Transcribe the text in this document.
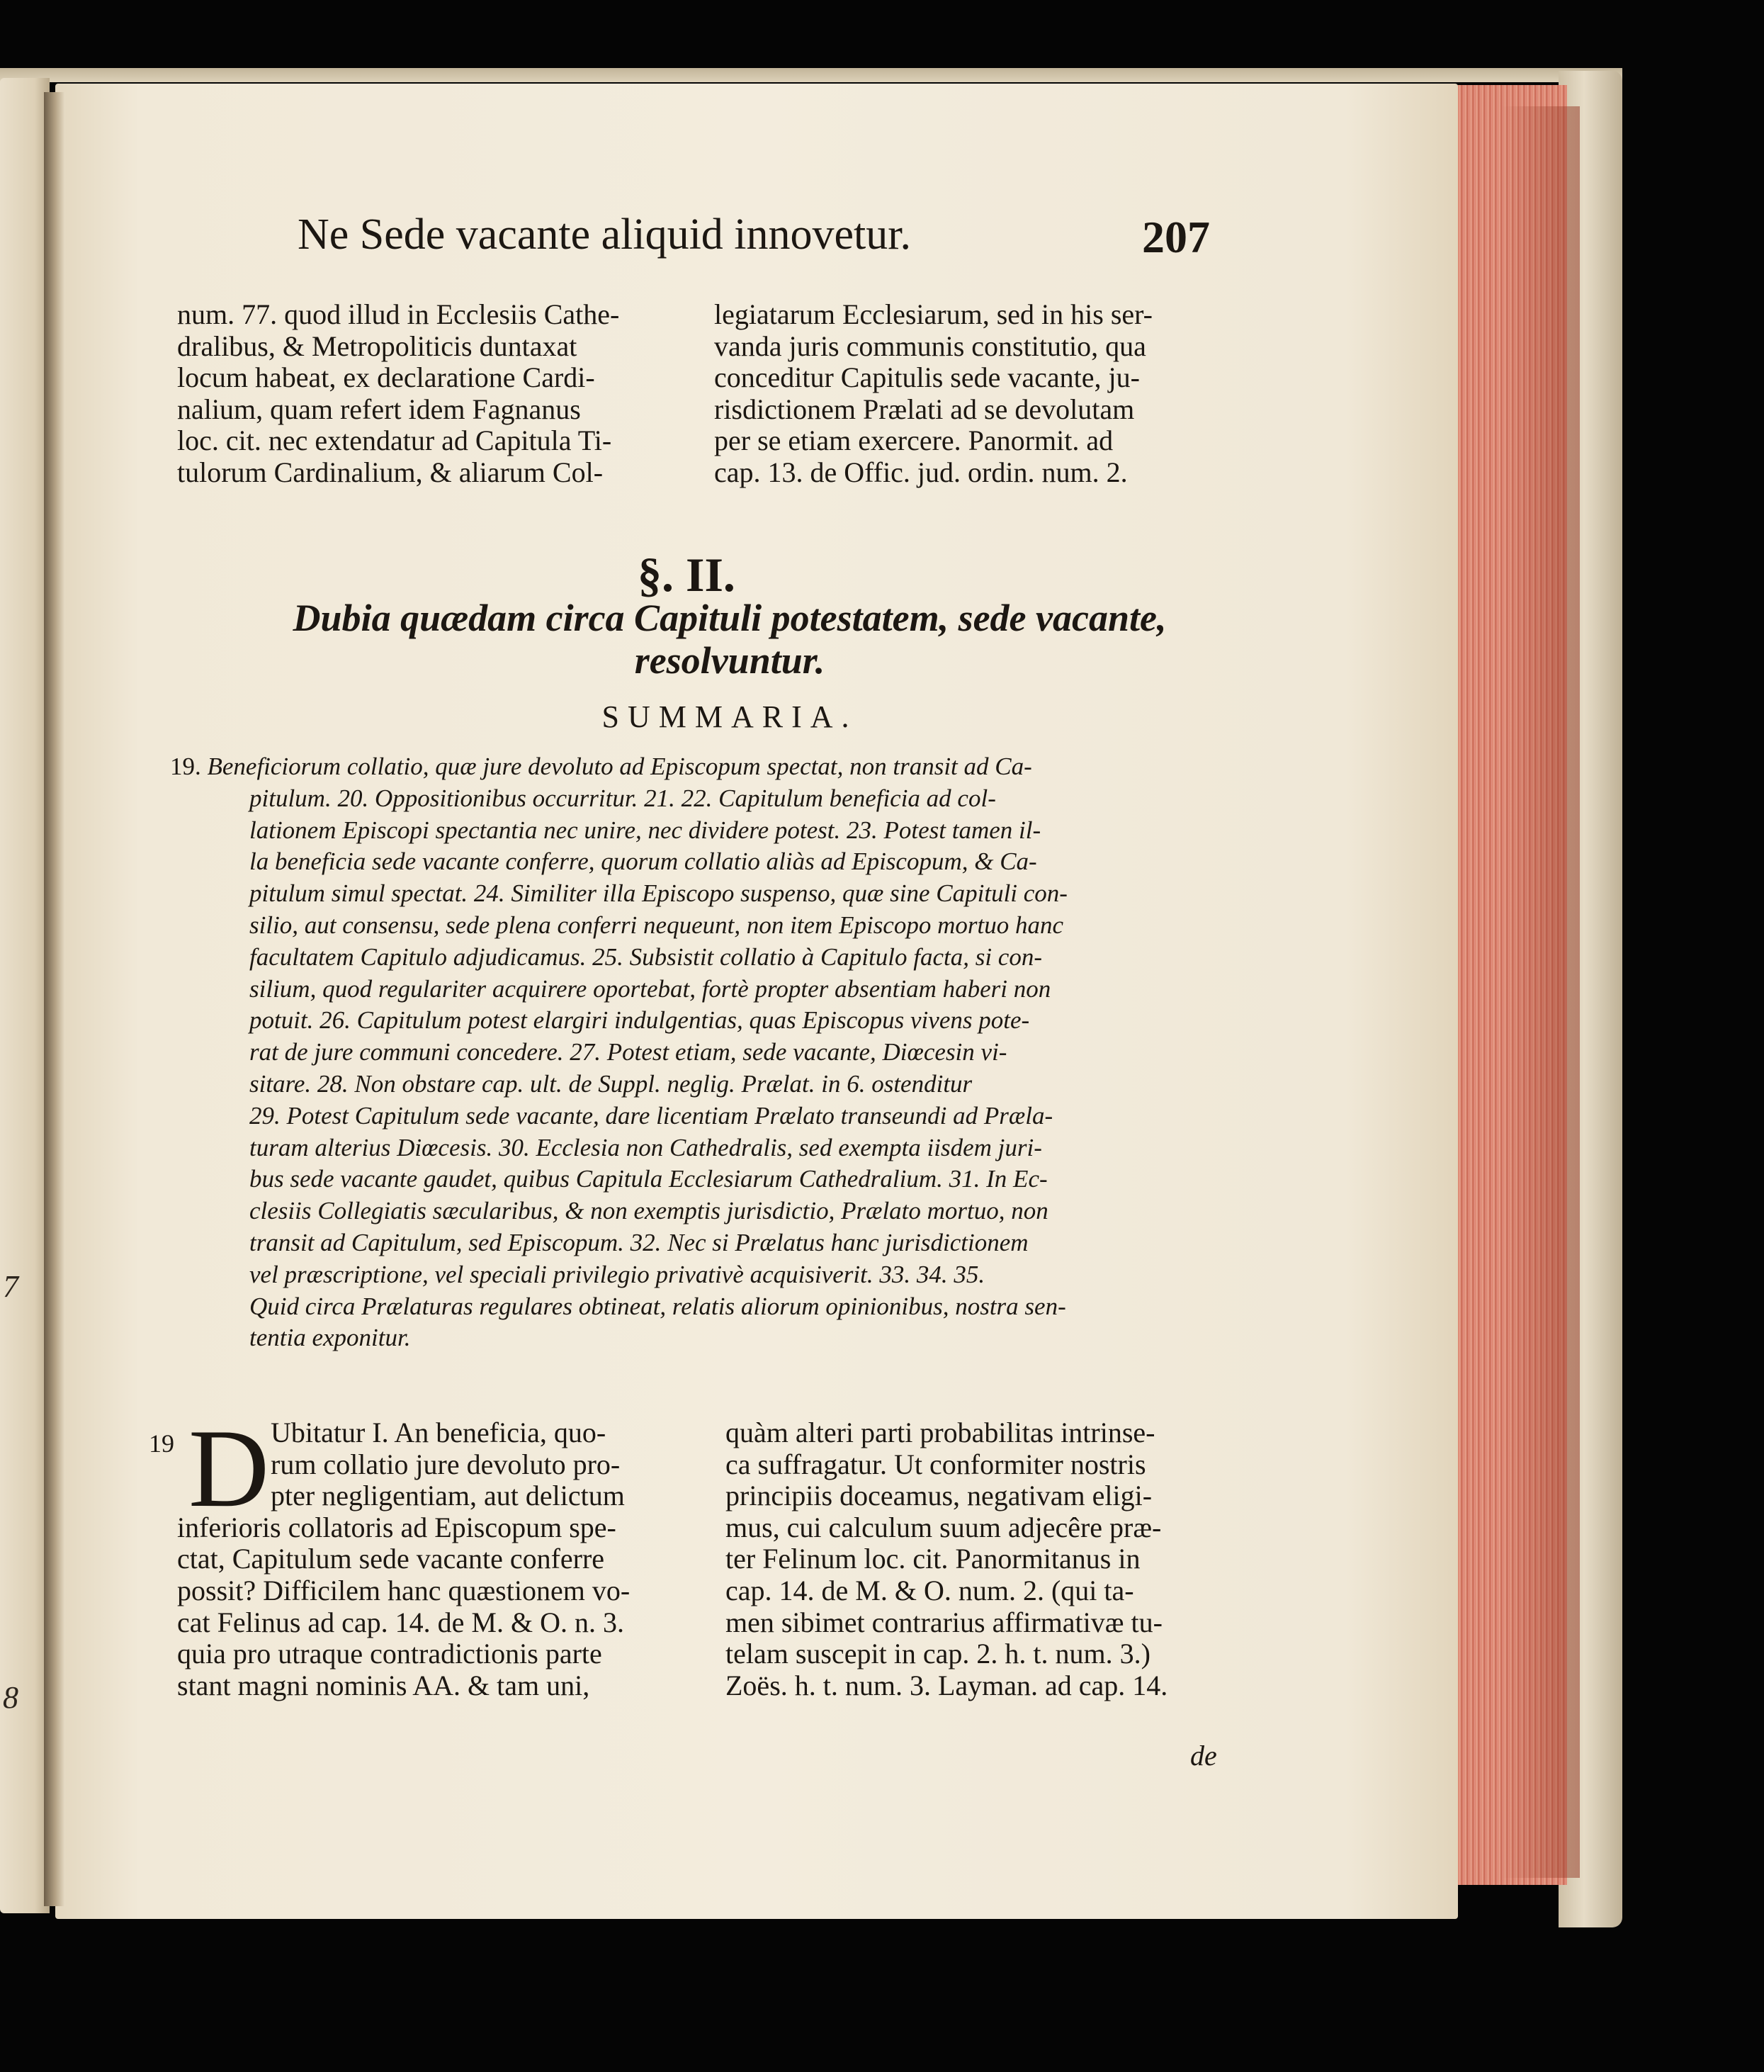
7
8
Ne Sede vacante aliquid innovetur.	207
num. 77. quod illud in Ecclesiis Cathe-
dralibus, & Metropoliticis duntaxat
locum habeat, ex declaratione Cardi-
nalium, quam refert idem Fagnanus
loc. cit. nec extendatur ad Capitula Ti-
tulorum Cardinalium, & aliarum Col-
legiatarum Ecclesiarum, sed in his ser-
vanda juris communis constitutio, qua
conceditur Capitulis sede vacante, ju-
risdictionem Prælati ad se devolutam
per se etiam exercere. Panormit. ad
cap. 13. de Offic. jud. ordin. num. 2.
§. II.
Dubia quædam circa Capituli potestatem, sede vacante,
resolvuntur.
SUMMARIA.
19. Beneficiorum collatio, quæ jure devoluto ad Episcopum spectat, non transit ad Ca-
pitulum. 20. Oppositionibus occurritur. 21. 22. Capitulum beneficia ad col-
lationem Episcopi spectantia nec unire, nec dividere potest. 23. Potest tamen il-
la beneficia sede vacante conferre, quorum collatio aliàs ad Episcopum, & Ca-
pitulum simul spectat. 24. Similiter illa Episcopo suspenso, quæ sine Capituli con-
silio, aut consensu, sede plena conferri nequeunt, non item Episcopo mortuo hanc
facultatem Capitulo adjudicamus. 25. Subsistit collatio à Capitulo facta, si con-
silium, quod regulariter acquirere oportebat, fortè propter absentiam haberi non
potuit. 26. Capitulum potest elargiri indulgentias, quas Episcopus vivens pote-
rat de jure communi concedere. 27. Potest etiam, sede vacante, Diœcesin vi-
sitare. 28. Non obstare cap. ult. de Suppl. neglig. Prælat. in 6. ostenditur
29. Potest Capitulum sede vacante, dare licentiam Prælato transeundi ad Præla-
turam alterius Diœcesis. 30. Ecclesia non Cathedralis, sed exempta iisdem juri-
bus sede vacante gaudet, quibus Capitula Ecclesiarum Cathedralium. 31. In Ec-
clesiis Collegiatis sæcularibus, & non exemptis jurisdictio, Prælato mortuo, non
transit ad Capitulum, sed Episcopum. 32. Nec si Prælatus hanc jurisdictionem
vel præscriptione, vel speciali privilegio privativè acquisiverit. 33. 34. 35.
Quid circa Prælaturas regulares obtineat, relatis aliorum opinionibus, nostra sen-
tentia exponitur.
19 D Ubitatur I. An beneficia, quo-
rum collatio jure devoluto pro-
pter negligentiam, aut delictum
inferioris collatoris ad Episcopum spe-
ctat, Capitulum sede vacante conferre
possit? Difficilem hanc quæstionem vo-
cat Felinus ad cap. 14. de M. & O. n. 3.
quia pro utraque contradictionis parte
stant magni nominis AA. & tam uni,
quàm alteri parti probabilitas intrinse-
ca suffragatur. Ut conformiter nostris
principiis doceamus, negativam eligi-
mus, cui calculum suum adjecêre præ-
ter Felinum loc. cit. Panormitanus in
cap. 14. de M. & O. num. 2. (qui ta-
men sibimet contrarius affirmativæ tu-
telam suscepit in cap. 2. h. t. num. 3.)
Zoës. h. t. num. 3. Layman. ad cap. 14.
de
